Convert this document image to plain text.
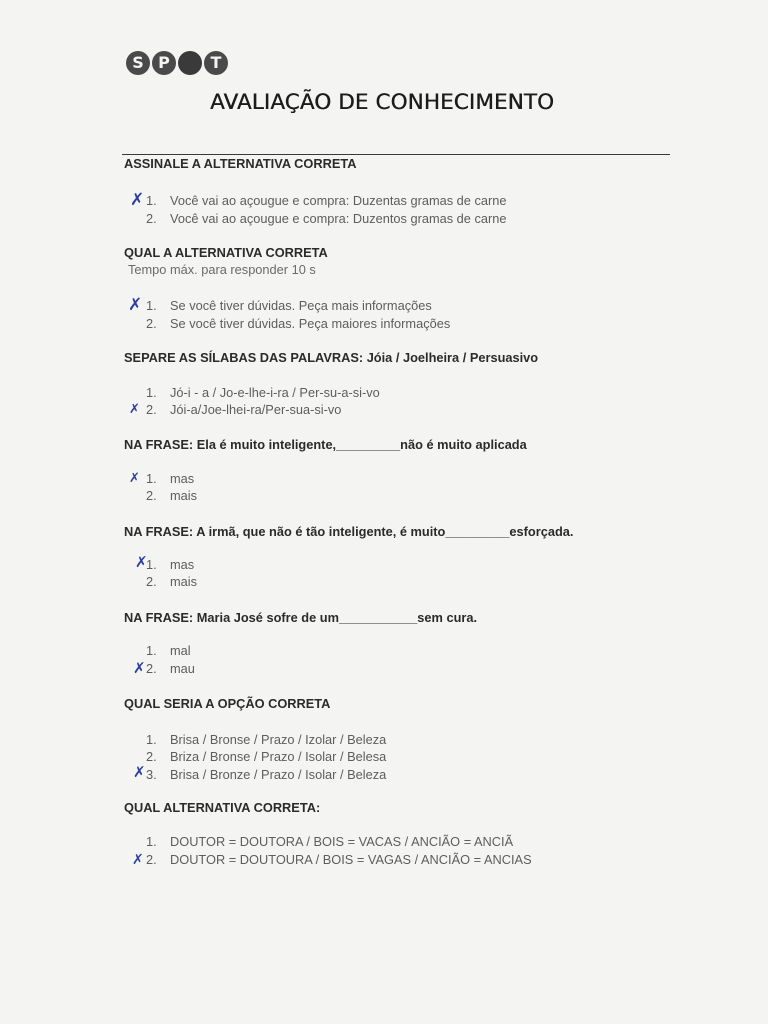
S P	T
AVALIAÇÃO DE CONHECIMENTO
ASSINALE A ALTERNATIVA CORRETA
✗ 1. Você vai ao açougue e compra: Duzentas gramas de carne
2. Você vai ao açougue e compra: Duzentos gramas de carne
QUAL A ALTERNATIVA CORRETA
Tempo máx. para responder 10 s
✗ 1. Se você tiver dúvidas. Peça mais informações
2. Se você tiver dúvidas. Peça maiores informações
SEPARE AS SÍLABAS DAS PALAVRAS: Jóia / Joelheira / Persuasivo
1. Jó-i - a / Jo-e-lhe-i-ra / Per-su-a-si-vo
✗ 2. Jói-a/Joe-lhei-ra/Per-sua-si-vo
NA FRASE: Ela é muito inteligente,_________não é muito aplicada
✗ 1. mas
2. mais
NA FRASE: A irmã, que não é tão inteligente, é muito_________esforçada.
✗
1. mas
2. mais
NA FRASE: Maria José sofre de um___________sem cura.
1. mal
✗ 2. mau
QUAL SERIA A OPÇÃO CORRETA
1. Brisa / Bronse / Prazo / Izolar / Beleza
2. Briza / Bronse / Prazo / Isolar / Belesa
✗ 3. Brisa / Bronze / Prazo / Isolar / Beleza
QUAL ALTERNATIVA CORRETA:
1. DOUTOR = DOUTORA / BOIS = VACAS / ANCIÃO = ANCIÃ
✗ 2. DOUTOR = DOUTOURA / BOIS = VAGAS / ANCIÃO = ANCIAS
